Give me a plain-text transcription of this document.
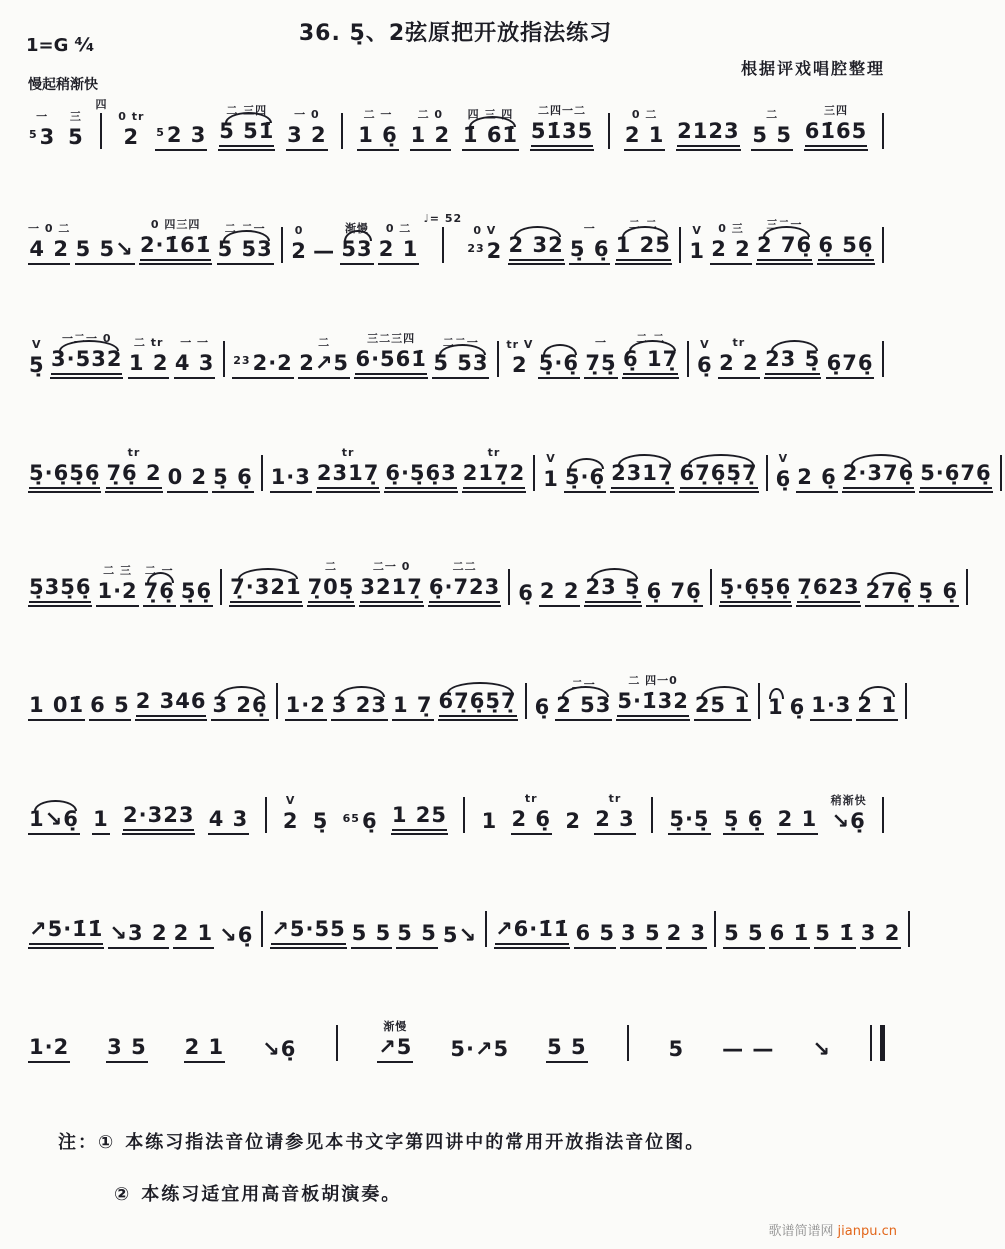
36. 5̣、2弦原把开放指法练习
1=G ⁴⁄₄
慢起稍渐快
根据评戏唱腔整理
一
$^5$3
三
5
四
0 tr
2 $^5$2 3
二 三四
5 51̇
一 0
3 2
二 一
1 6̣
二 0
1 2
四 三 四
1̇ 6̇1̇
二四一二
51̇35
0 二
2 1 2123
二
5 5
三四
61̇65
一 0 二
4 2 5 5↘
0 四三四
2·1̇61̇
二 二一
5 53
0
2 —
渐慢
53
0 二
2 1
♩= 52
0 V
$^{23}$2 2 32
一
5̣ 6̣
二 二
1 25
V
1
0 三
2 2
三二一
2 76̣ 6̣ 56̣
V
5̣
一二一 0
3·532
二 tr
1 2
一 一
4 3 $^{23}$2·2
二
2↗5
三二三四
6·561̇
二二一
5 53
tr V
2 5̣·6̣
一
7̣5̣
二 二
6̣ 17̣
V
6̣
tr
2 2 23 5̣ 6̣76̣
5̣·6̣5̣6̣
tr
7̣6̣ 2 0 2 5̣ 6̣ 1·3
tr
2317̣ 6̣·5̣6̣3
tr
217̣2
V
1 5̣·6̣ 2317̣ 67̣6̣5̣7̣
V
6̣ 2 6̣ 2·376̣ 5·6̣76̣
5̣35̣6̣
二 三
1·2
二 一
7̣6̣ 5̣6̣ 7̣·321
二
7̣05̣
二一 0
3217̣
二二
6̣·723 6̣ 2 2 23 5̣ 6̣ 76̣ 5̣·6̣5̣6̣ 7̣623 276̣ 5̣ 6̣
1 01̇ 6 5 2 346 3 26̣ 1·2 3 23 1 7̣ 67̣6̣5̣7̣ 6̣
二一
2 53
二 四一0
5·1̇32 25 1 1 6̣ 1·3 2 1
1↘6̣ 1 2·323 4 3
V
2 5̣ $^{65}$6̣ 1 25 1
tr
2 6̣ 2
tr
2 3 5̣·5̣ 5̣ 6̣ 2 1
稍渐快
↘6̣
↗5·1̇1̇ ↘3 2 2 1 ↘6̣ ↗5·55 5 5 5 5 5↘ ↗6·1̇1̇ 6 5 3 5 2 3 5 5 6 1̇ 5 1̇ 3 2
1·2 3 5 2 1 ↘6̣
渐慢
↗5 5·↗5 5 5	5 — — ↘
注：① 本练习指法音位请参见本书文字第四讲中的常用开放指法音位图。
② 本练习适宜用高音板胡演奏。
歌谱简谱网 jianpu.cn
